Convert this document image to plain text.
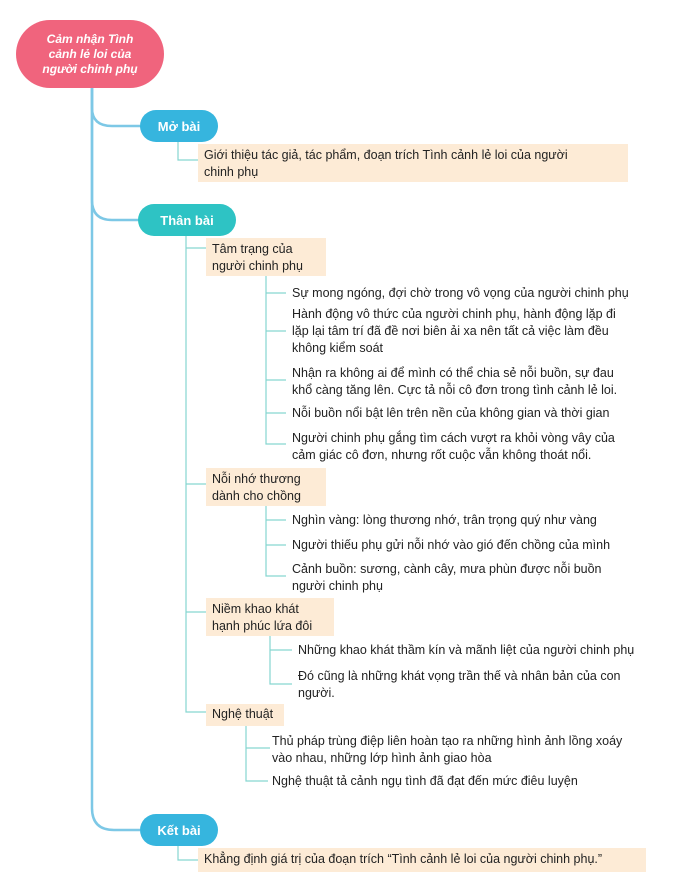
Cảm nhận Tình
cảnh lẻ loi của
người chinh phụ
Mở bài
Giới thiệu tác giả, tác phẩm, đoạn trích Tình cảnh lẻ loi của người
chinh phụ
Thân bài
Tâm trạng của
người chinh phụ
Sự mong ngóng, đợi chờ trong vô vọng của người chinh phụ
Hành động vô thức của người chinh phụ, hành động lặp đi
lặp lại tâm trí đã đề nơi biên ải xa nên tất cả việc làm đều
không kiểm soát
Nhận ra không ai để mình có thể chia sẻ nỗi buồn, sự đau
khổ càng tăng lên. Cực tả nỗi cô đơn trong tình cảnh lẻ loi.
Nỗi buồn nổi bật lên trên nền của không gian và thời gian
Người chinh phụ gắng tìm cách vượt ra khỏi vòng vây của
cảm giác cô đơn, nhưng rốt cuộc vẫn không thoát nổi.
Nỗi nhớ thương
dành cho chồng
Nghìn vàng: lòng thương nhớ, trân trọng quý như vàng
Người thiếu phụ gửi nỗi nhớ vào gió đến chồng của mình
Cảnh buồn: sương, cành cây, mưa phùn được nỗi buồn
người chinh phụ
Niềm khao khát
hạnh phúc lứa đôi
Những khao khát thầm kín và mãnh liệt của người chinh phụ
Đó cũng là những khát vọng trần thế và nhân bản của con
người.
Nghệ thuật
Thủ pháp trùng điệp liên hoàn tạo ra những hình ảnh lồng xoáy
vào nhau, những lớp hình ảnh giao hòa
Nghệ thuật tả cảnh ngụ tình đã đạt đến mức điêu luyện
Kết bài
Khẳng định giá trị của đoạn trích “Tình cảnh lẻ loi của người chinh phụ.”
